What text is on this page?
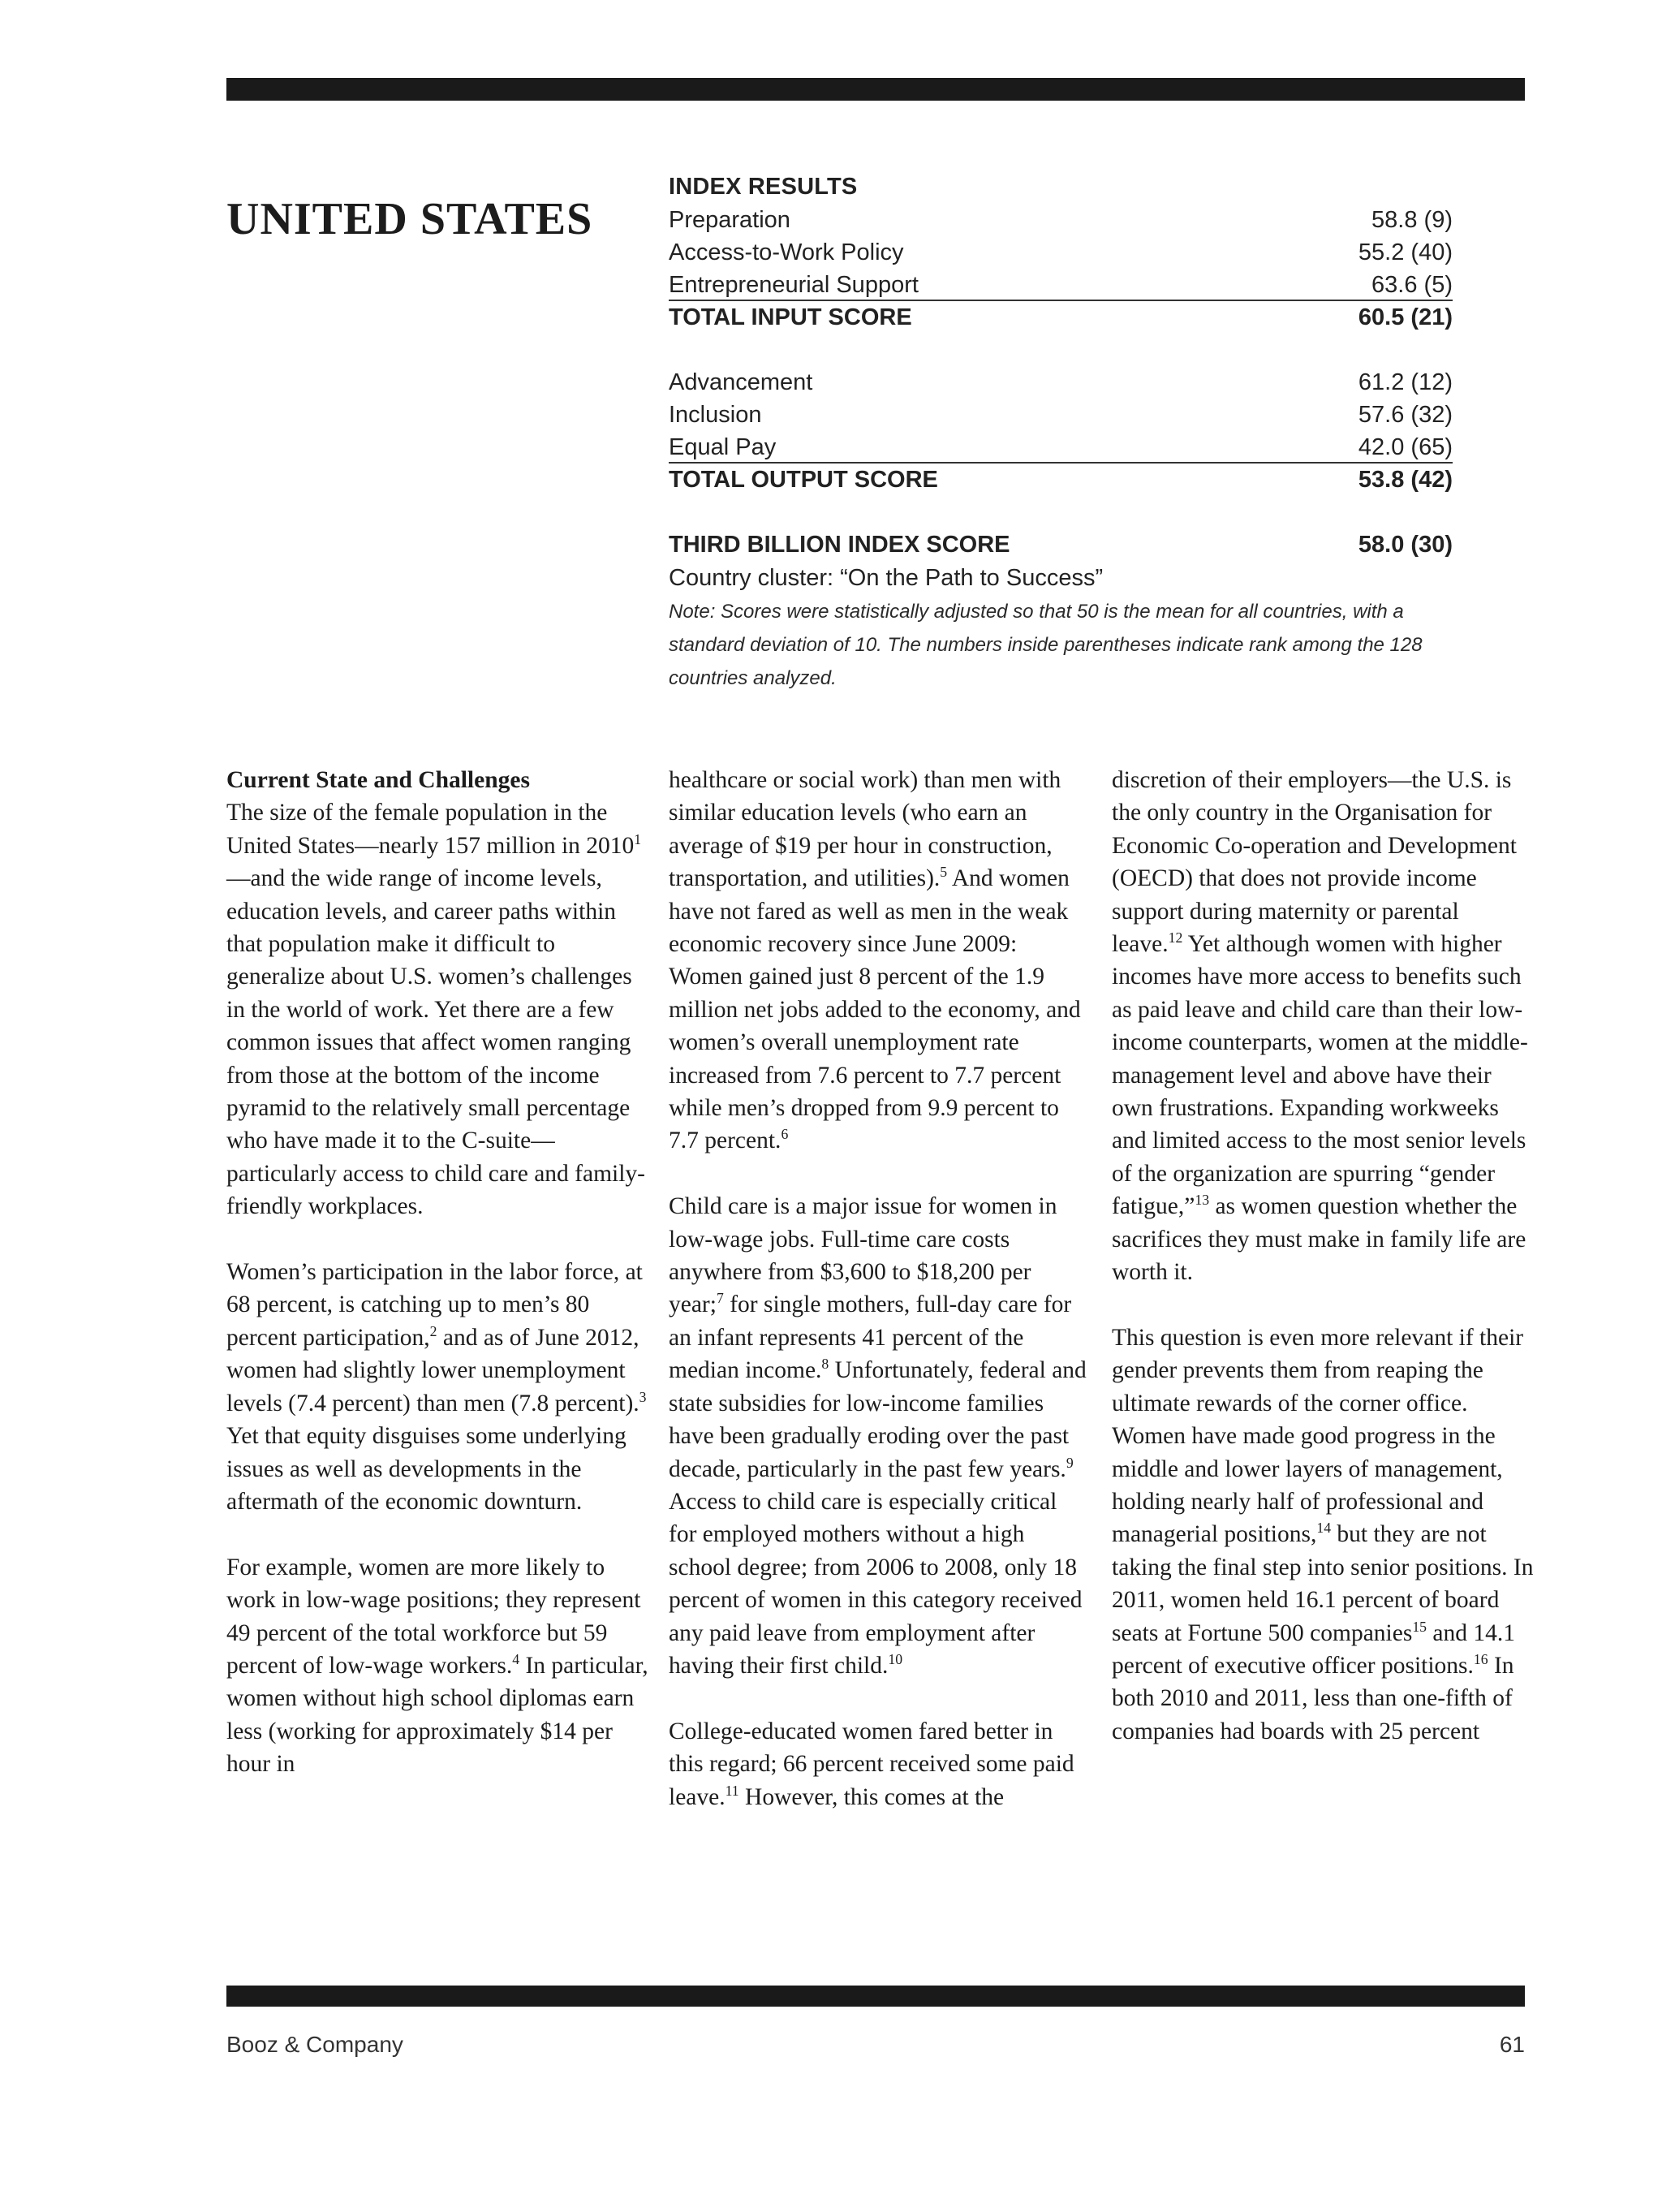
UNITED STATES
INDEX RESULTS
Preparation	58.8 (9)
Access-to-Work Policy	55.2 (40)
Entrepreneurial Support	63.6 (5)
TOTAL INPUT SCORE	60.5 (21)
Advancement	61.2 (12)
Inclusion	57.6 (32)
Equal Pay	42.0 (65)
TOTAL OUTPUT SCORE	53.8 (42)
THIRD BILLION INDEX SCORE	58.0 (30)
Country cluster: “On the Path to Success”
Note: Scores were statistically adjusted so that 50 is the mean for all countries, with a standard deviation of 10. The numbers inside parentheses indicate rank among the 128 countries analyzed.
Current State and Challenges

The size of the female population in the United States—nearly 157 million in 2010$^1$—and the wide range of income levels, education levels, and career paths within that population make it difficult to generalize about U.S. women’s challenges in the world of work. Yet there are a few common issues that affect women ranging from those at the bottom of the income pyramid to the relatively small percentage who have made it to the C-suite—particularly access to child care and family-friendly workplaces.

Women’s participation in the labor force, at 68 percent, is catching up to men’s 80 percent participation,$^2$ and as of June 2012, women had slightly lower unemployment levels (7.4 percent) than men (7.8 percent).$^3$ Yet that equity disguises some underlying issues as well as developments in the aftermath of the economic downturn.

For example, women are more likely to work in low-wage positions; they represent 49 percent of the total workforce but 59 percent of low-wage workers.$^4$ In particular, women without high school diplomas earn less (working for approximately $14 per hour in

healthcare or social work) than men with similar education levels (who earn an average of $19 per hour in construction, transportation, and utilities).$^5$ And women have not fared as well as men in the weak economic recovery since June 2009: Women gained just 8 percent of the 1.9 million net jobs added to the economy, and women’s overall unemployment rate increased from 7.6 percent to 7.7 percent while men’s dropped from 9.9 percent to 7.7 percent.$^6$

Child care is a major issue for women in low-wage jobs. Full-time care costs anywhere from $3,600 to $18,200 per year;$^7$ for single mothers, full-day care for an infant represents 41 percent of the median income.$^8$ Unfortunately, federal and state subsidies for low-income families have been gradually eroding over the past decade, particularly in the past few years.$^9$ Access to child care is especially critical for employed mothers without a high school degree; from 2006 to 2008, only 18 percent of women in this category received any paid leave from employment after having their first child.$^{10}$

College-educated women fared better in this regard; 66 percent received some paid leave.$^{11}$ However, this comes at the

discretion of their employers—the U.S. is the only country in the Organisation for Economic Co-operation and Development (OECD) that does not provide income support during maternity or parental leave.$^{12}$ Yet although women with higher incomes have more access to benefits such as paid leave and child care than their low-income counterparts, women at the middle-management level and above have their own frustrations. Expanding workweeks and limited access to the most senior levels of the organization are spurring “gender fatigue,”$^{13}$ as women question whether the sacrifices they must make in family life are worth it.

This question is even more relevant if their gender prevents them from reaping the ultimate rewards of the corner office. Women have made good progress in the middle and lower layers of management, holding nearly half of professional and managerial positions,$^{14}$ but they are not taking the final step into senior positions. In 2011, women held 16.1 percent of board seats at Fortune 500 companies$^{15}$ and 14.1 percent of executive officer positions.$^{16}$ In both 2010 and 2011, less than one-fifth of companies had boards with 25 percent

Booz & Company	61
